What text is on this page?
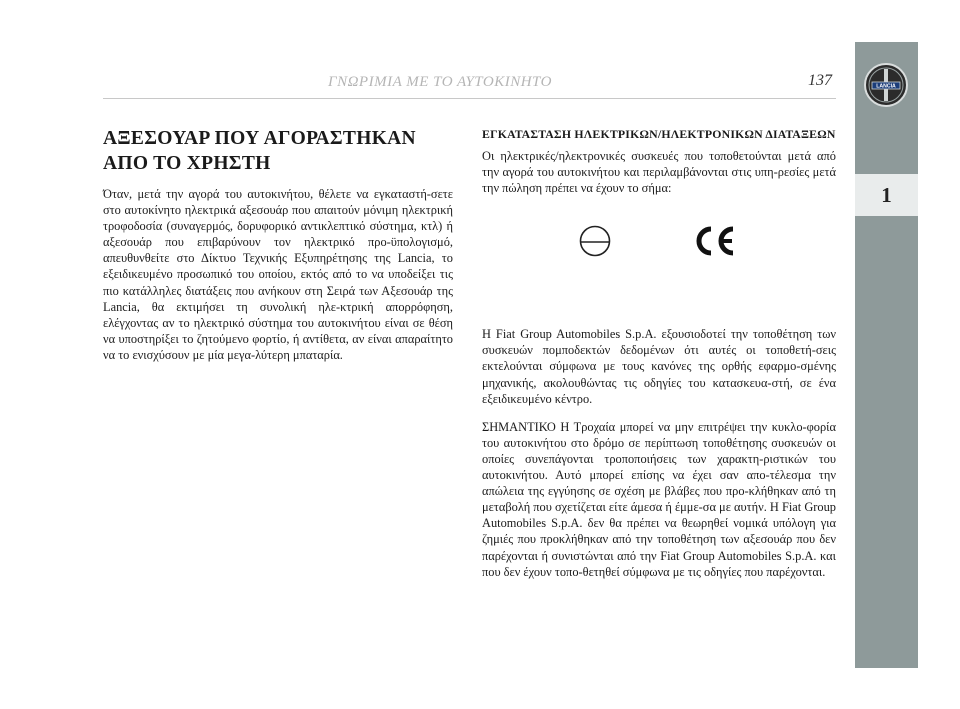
ΓΝΩΡΙΜΙΑ ΜΕ ΤΟ ΑΥΤΟΚΙΝΗΤΟ	137	LANCIA
1
ΑΞΕΣΟΥΑΡ ΠΟΥ ΑΓΟΡΑΣΤΗΚΑΝ ΑΠΟ ΤΟ ΧΡΗΣΤΗ

Όταν, μετά την αγορά του αυτοκινήτου, θέλετε να εγκαταστή-σετε στο αυτοκίνητο ηλεκτρικά αξεσουάρ που απαιτούν μόνιμη ηλεκτρική τροφοδοσία (συναγερμός, δορυφορικό αντικλεπτικό σύστημα, κτλ) ή αξεσουάρ που επιβαρύνουν τον ηλεκτρικό προ-ϋπολογισμό, απευθυνθείτε στο Δίκτυο Τεχνικής Εξυπηρέτησης της Lancia, το εξειδικευμένο προσωπικό του οποίου, εκτός από το να υποδείξει τις πιο κατάλληλες διατάξεις που ανήκουν στη Σειρά των Αξεσουάρ της Lancia, θα εκτιμήσει τη συνολική ηλε-κτρική απορρόφηση, ελέγχοντας αν το ηλεκτρικό σύστημα του αυτοκινήτου είναι σε θέση να υποστηρίξει το ζητούμενο φορτίο, ή αντίθετα, αν είναι απαραίτητο να το ενισχύσουν με μία μεγα-λύτερη μπαταρία.

ΕΓΚΑΤΑΣΤΑΣΗ ΗΛΕΚΤΡΙΚΩΝ/ΗΛΕΚΤΡΟΝΙΚΩΝ ΔΙΑΤΑΞΕΩΝ

Οι ηλεκτρικές/ηλεκτρονικές συσκευές που τοποθετούνται μετά από την αγορά του αυτοκινήτου και περιλαμβάνονται στις υπη-ρεσίες μετά την πώληση πρέπει να έχουν το σήμα:

Η Fiat Group Automobiles S.p.A. εξουσιοδοτεί την τοποθέτηση των συσκευών πομποδεκτών δεδομένων ότι αυτές οι τοποθετή-σεις εκτελούνται σύμφωνα με τους κανόνες της ορθής εφαρμο-σμένης μηχανικής, ακολουθώντας τις οδηγίες του κατασκευα-στή, σε ένα εξειδικευμένο κέντρο.

ΣΗΜΑΝΤΙΚΟ Η Τροχαία μπορεί να μην επιτρέψει την κυκλο-φορία του αυτοκινήτου στο δρόμο σε περίπτωση τοποθέτησης συσκευών οι οποίες συνεπάγονται τροποποιήσεις των χαρακτη-ριστικών του αυτοκινήτου. Αυτό μπορεί επίσης να έχει σαν απο-τέλεσμα την απώλεια της εγγύησης σε σχέση με βλάβες που προ-κλήθηκαν από τη μεταβολή που σχετίζεται είτε άμεσα ή έμμε-σα με αυτήν. Η Fiat Group Automobiles S.p.A. δεν θα πρέπει να θεωρηθεί νομικά υπόλογη για ζημιές που προκλήθηκαν από την τοποθέτηση των αξεσουάρ που δεν παρέχονται ή συνιστώνται από την Fiat Group Automobiles S.p.A. και που δεν έχουν τοπο-θετηθεί σύμφωνα με τις οδηγίες που παρέχονται.
